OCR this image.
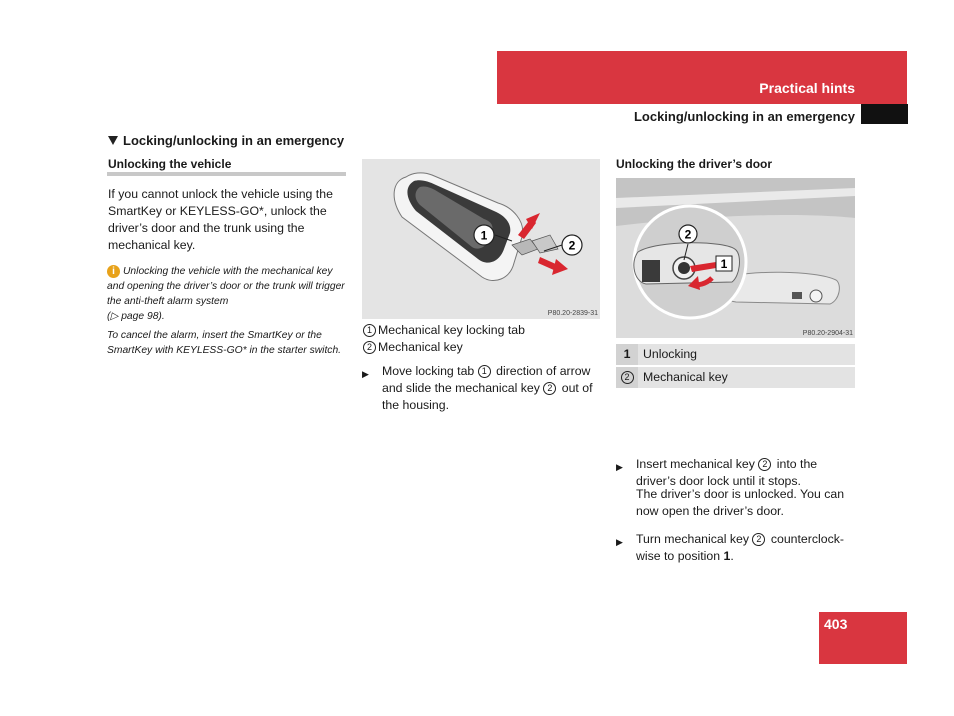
Practical hints
Locking/unlocking in an emergency
Locking/unlocking in an emergency
Unlocking the vehicle
If you cannot unlock the vehicle using the SmartKey or KEYLESS-GO*, unlock the driver’s door and the trunk using the mechanical key.
i Unlocking the vehicle with the mechanical key and opening the driver’s door or the trunk will trigger the anti-theft alarm system
(▷ page 98).
To cancel the alarm, insert the SmartKey or the SmartKey with KEYLESS-GO* in the starter switch.
1
2
P80.20-2839-31
1 Mechanical key locking tab
2 Mechanical key
▶ Move locking tab 1 direction of arrow and slide the mechanical key 2 out of the housing.
Unlocking the driver’s door
2
1
P80.20-2904-31
1	Unlocking
2	Mechanical key
▶ Insert mechanical key 2 into the driver’s door lock until it stops.
▶ Turn mechanical key 2 counterclock-wise to position 1.
The driver’s door is unlocked. You can now open the driver’s door.
403
